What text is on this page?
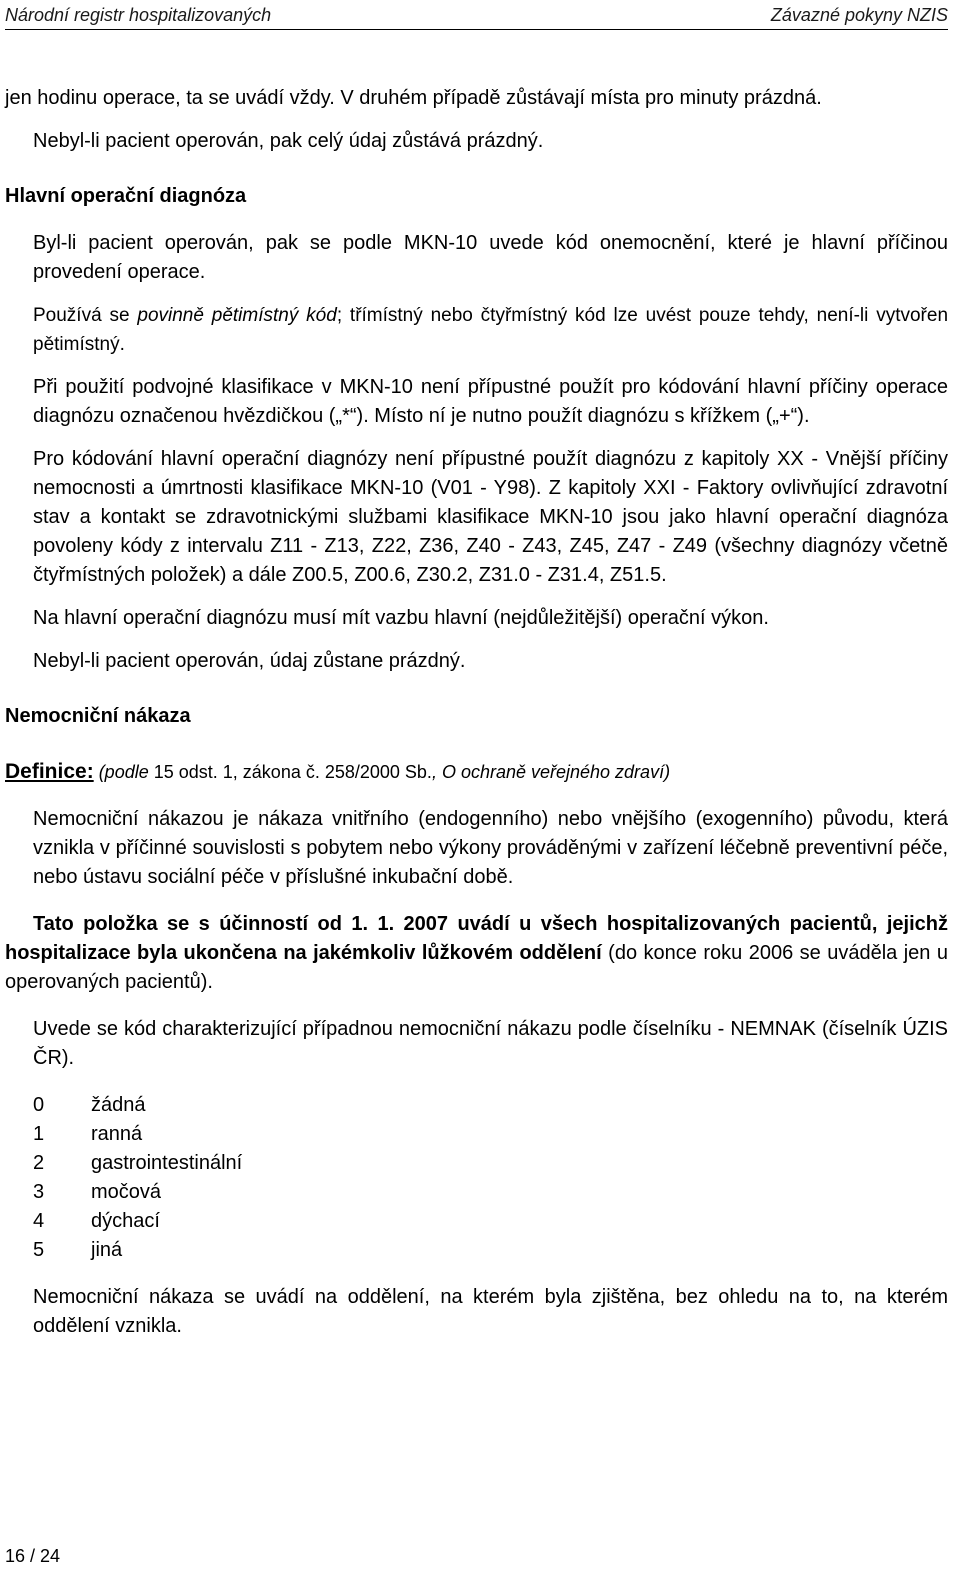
Národní registr hospitalizovaných	Závazné pokyny NZIS

jen hodinu operace, ta se uvádí vždy. V druhém případě zůstávají místa pro minuty prázdná.

Nebyl-li pacient operován, pak celý údaj zůstává prázdný.

Hlavní operační diagnóza

Byl-li pacient operován, pak se podle MKN-10 uvede kód onemocnění, které je hlavní příčinou provedení operace.

Používá se povinně pětimístný kód; třímístný nebo čtyřmístný kód lze uvést pouze tehdy, není-li vytvořen pětimístný.

Při použití podvojné klasifikace v MKN-10 není přípustné použít pro kódování hlavní příčiny operace diagnózu označenou hvězdičkou („*“). Místo ní je nutno použít diagnózu s křížkem („+“).

Pro kódování hlavní operační diagnózy není přípustné použít diagnózu z kapitoly XX - Vnější příčiny nemocnosti a úmrtnosti klasifikace MKN-10 (V01 - Y98). Z kapitoly XXI - Faktory ovlivňující zdravotní stav a kontakt se zdravotnickými službami klasifikace MKN-10 jsou jako hlavní operační diagnóza povoleny kódy z intervalu Z11 - Z13, Z22, Z36, Z40 - Z43, Z45, Z47 - Z49 (všechny diagnózy včetně čtyřmístných položek) a dále Z00.5, Z00.6, Z30.2, Z31.0 - Z31.4, Z51.5.

Na hlavní operační diagnózu musí mít vazbu hlavní (nejdůležitější) operační výkon.

Nebyl-li pacient operován, údaj zůstane prázdný.

Nemocniční nákaza

Definice: (podle 15 odst. 1, zákona č. 258/2000 Sb., O ochraně veřejného zdraví)

Nemocniční nákazou je nákaza vnitřního (endogenního) nebo vnějšího (exogenního) původu, která vznikla v příčinné souvislosti s pobytem nebo výkony prováděnými v zařízení léčebně preventivní péče, nebo ústavu sociální péče v příslušné inkubační době.

Tato položka se s účinností od 1. 1. 2007 uvádí u všech hospitalizovaných pacientů, jejichž hospitalizace byla ukončena na jakémkoliv lůžkovém oddělení (do konce roku 2006 se uváděla jen u operovaných pacientů).

Uvede se kód charakterizující případnou nemocniční nákazu podle číselníku - NEMNAK (číselník ÚZIS ČR).

0	žádná
1	ranná
2	gastrointestinální
3	močová
4	dýchací
5	jiná

Nemocniční nákaza se uvádí na oddělení, na kterém byla zjištěna, bez ohledu na to, na kterém oddělení vznikla.

16 / 24
